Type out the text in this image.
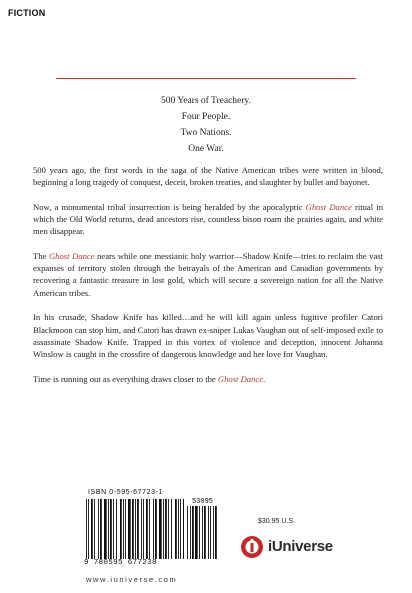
FICTION
500 Years of Treachery.
Four People.
Two Nations.
One War.

500 years ago, the first words in the saga of the Native American tribes were written in blood, beginning a long tragedy of conquest, deceit, broken treaties, and slaughter by bullet and bayonet.

Now, a monumental tribal insurrection is being heralded by the apocalyptic Ghost Dance ritual in which the Old World returns, dead ancestors rise, countless bison roam the prairies again, and white men disappear.

The Ghost Dance nears while one messianic holy warrior—Shadow Knife—tries to reclaim the vast expanses of territory stolen through the betrayals of the American and Canadian governments by recovering a fantastic treasure in lost gold, which will secure a sovereign nation for all the Native American tribes.

In his crusade, Shadow Knife has killed…and he will kill again unless fugitive profiler Catori Blackmoon can stop him, and Catori has drawn ex-sniper Lukas Vaughan out of self-imposed exile to assassinate Shadow Knife. Trapped in this vortex of violence and deception, innocent Johanna Winslow is caught in the crossfire of dangerous knowledge and her love for Vaughan.

Time is running out as everything draws closer to the Ghost Dance.

ISBN 0-595-67723-1
53095
9 780595 677238
www.iuniverse.com
$30.95 U.S.
iUniverse
